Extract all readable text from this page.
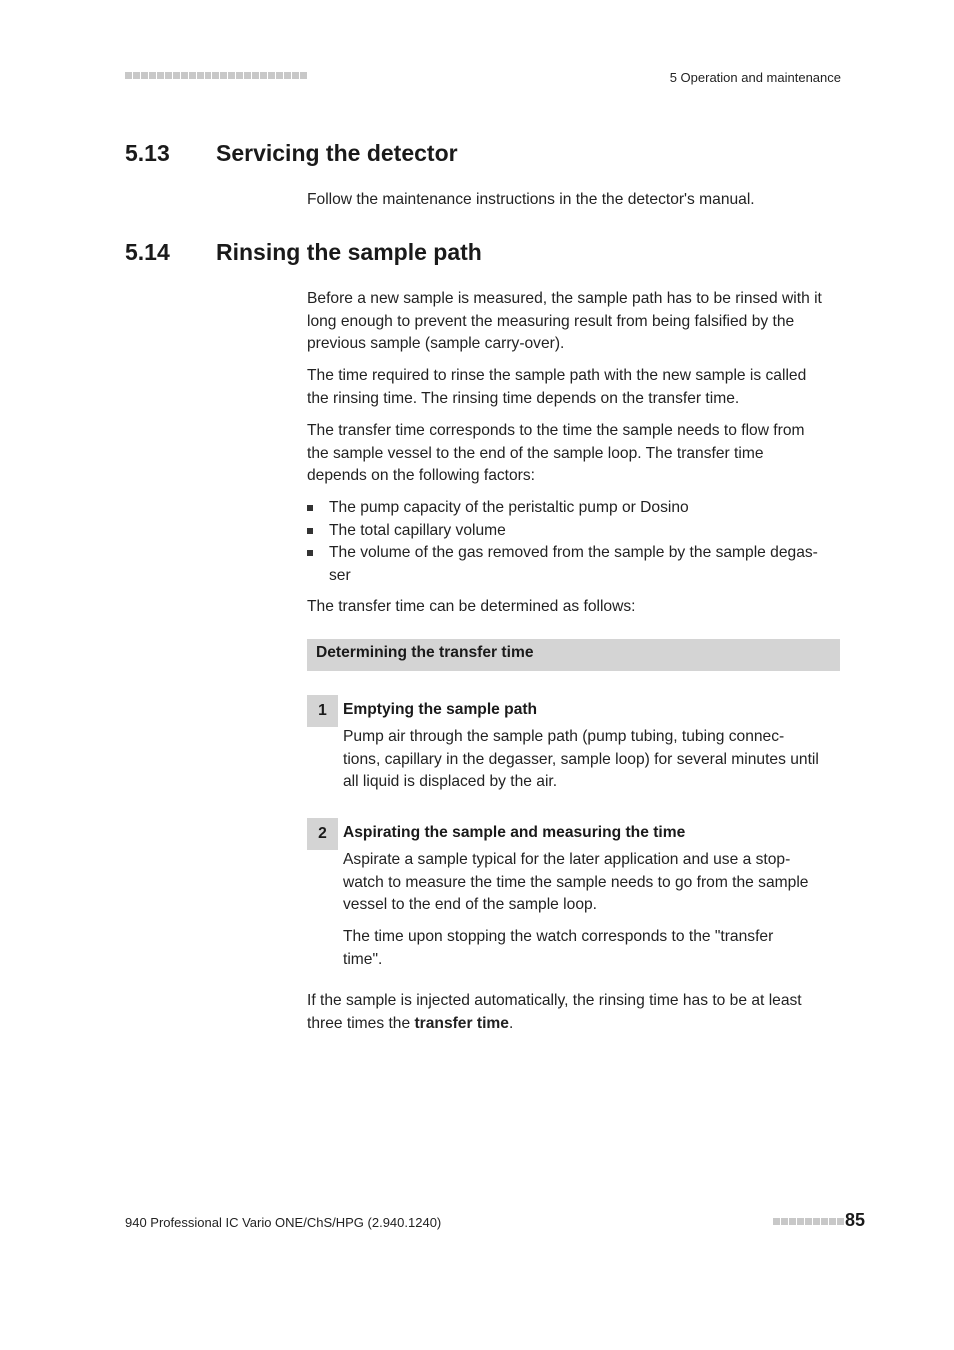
5 Operation and maintenance
5.13 Servicing the detector

Follow the maintenance instructions in the the detector's manual.

5.14 Rinsing the sample path

Before a new sample is measured, the sample path has to be rinsed with it
long enough to prevent the measuring result from being falsified by the
previous sample (sample carry-over).

The time required to rinse the sample path with the new sample is called
the rinsing time. The rinsing time depends on the transfer time.

The transfer time corresponds to the time the sample needs to flow from
the sample vessel to the end of the sample loop. The transfer time
depends on the following factors:

The pump capacity of the peristaltic pump or Dosino
The total capillary volume
The volume of the gas removed from the sample by the sample degas-
ser

The transfer time can be determined as follows:

Determining the transfer time
1	Emptying the sample path

Pump air through the sample path (pump tubing, tubing connec-
tions, capillary in the degasser, sample loop) for several minutes until
all liquid is displaced by the air.

2	Aspirating the sample and measuring the time

Aspirate a sample typical for the later application and use a stop-
watch to measure the time the sample needs to go from the sample
vessel to the end of the sample loop.

The time upon stopping the watch corresponds to the "transfer
time".

If the sample is injected automatically, the rinsing time has to be at least
three times the transfer time.

940 Professional IC Vario ONE/ChS/HPG (2.940.1240)	85
